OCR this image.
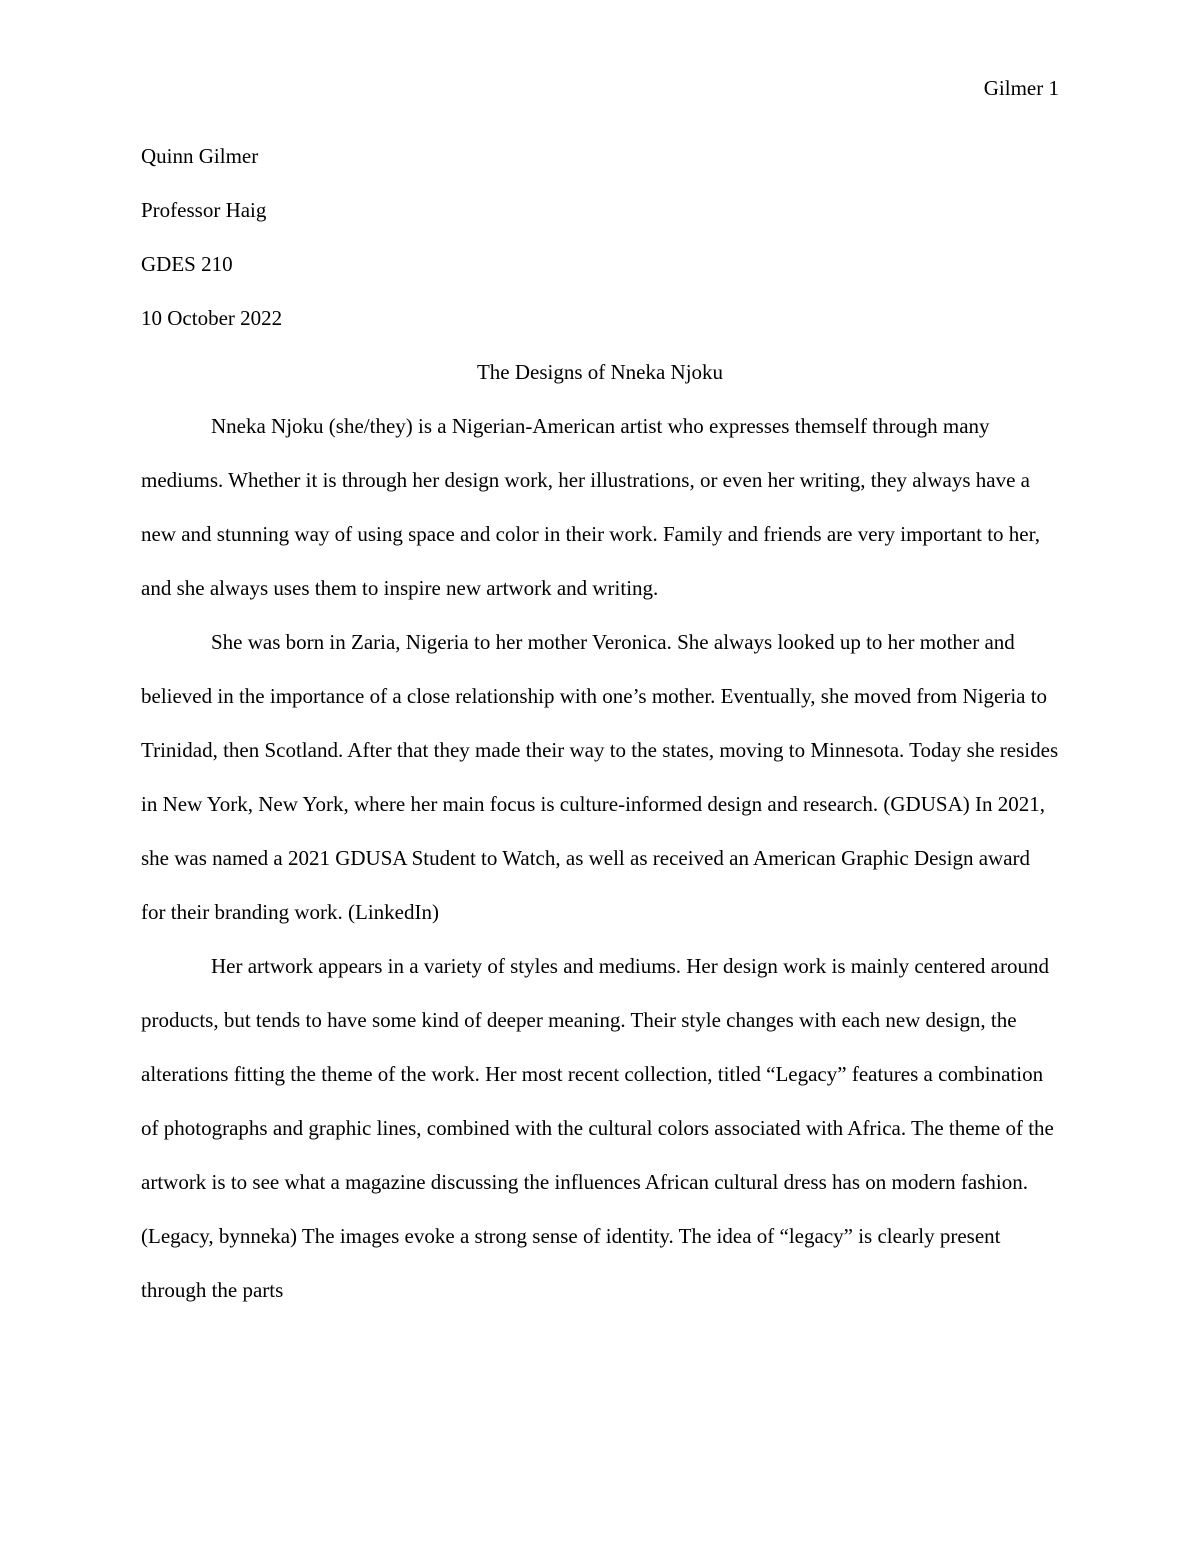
Gilmer 1
Quinn Gilmer
Professor Haig
GDES 210
10 October 2022
The Designs of Nneka Njoku

Nneka Njoku (she/they) is a Nigerian-American artist who expresses themself through many mediums. Whether it is through her design work, her illustrations, or even her writing, they always have a new and stunning way of using space and color in their work. Family and friends are very important to her, and she always uses them to inspire new artwork and writing.

She was born in Zaria, Nigeria to her mother Veronica. She always looked up to her mother and believed in the importance of a close relationship with one’s mother. Eventually, she moved from Nigeria to Trinidad, then Scotland. After that they made their way to the states, moving to Minnesota. Today she resides in New York, New York, where her main focus is culture-informed design and research. (GDUSA) In 2021, she was named a 2021 GDUSA Student to Watch, as well as received an American Graphic Design award for their branding work. (LinkedIn)

Her artwork appears in a variety of styles and mediums. Her design work is mainly centered around products, but tends to have some kind of deeper meaning. Their style changes with each new design, the alterations fitting the theme of the work. Her most recent collection, titled “Legacy” features a combination of photographs and graphic lines, combined with the cultural colors associated with Africa. The theme of the artwork is to see what a magazine discussing the influences African cultural dress has on modern fashion. (Legacy, bynneka) The images evoke a strong sense of identity. The idea of “legacy” is clearly present through the parts
